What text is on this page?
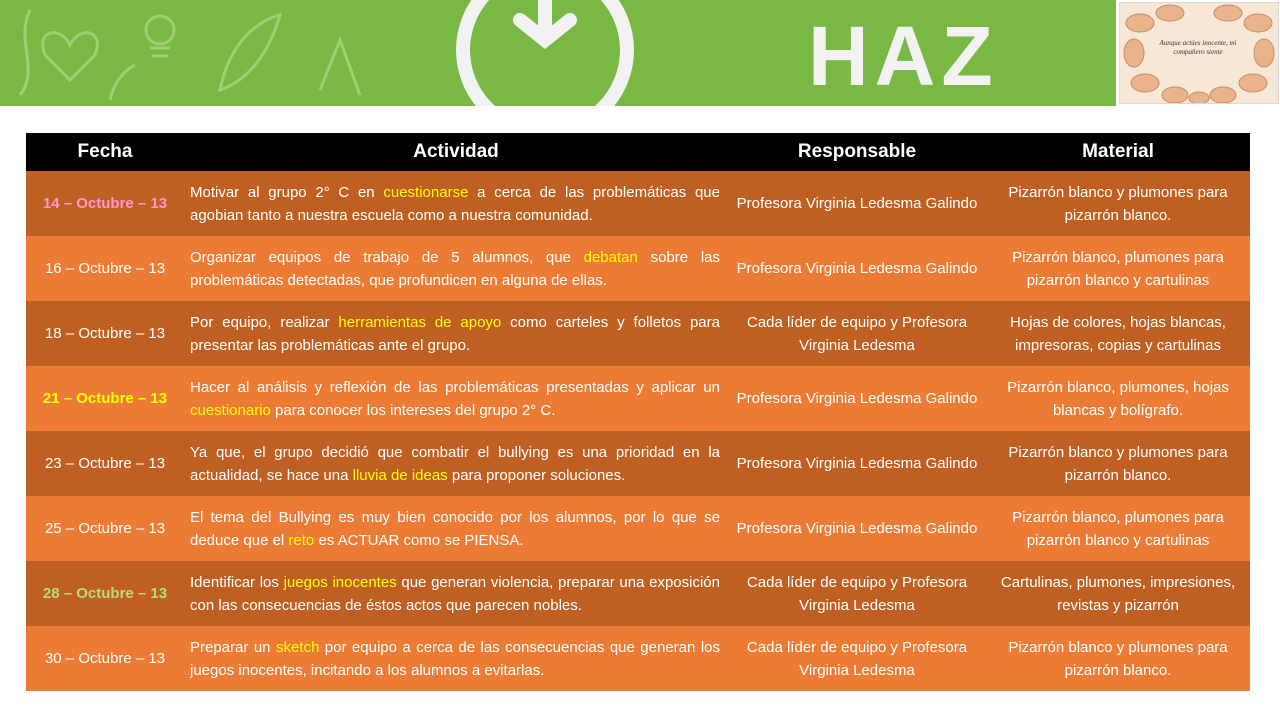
HAZ	Aunque actúes inocente, mi compañero siente
Fecha	Actividad	Responsable	Material
14 – Octubre – 13	Motivar al grupo 2° C en cuestionarse a cerca de las problemáticas que agobian tanto a nuestra escuela como a nuestra comunidad.	Profesora Virginia Ledesma Galindo	Pizarrón blanco y plumones para pizarrón blanco.
16 – Octubre – 13	Organizar equipos de trabajo de 5 alumnos, que debatan sobre las problemáticas detectadas, que profundicen en alguna de ellas.	Profesora Virginia Ledesma Galindo	Pizarrón blanco, plumones para pizarrón blanco y cartulinas
18 – Octubre – 13	Por equipo, realizar herramientas de apoyo como carteles y folletos para presentar las problemáticas ante el grupo.	Cada líder de equipo y Profesora Virginia Ledesma	Hojas de colores, hojas blancas, impresoras, copias y cartulinas
21 – Octubre – 13	Hacer al análisis y reflexión de las problemáticas presentadas y aplicar un cuestionario para conocer los intereses del grupo 2° C.	Profesora Virginia Ledesma Galindo	Pizarrón blanco, plumones, hojas blancas y bolígrafo.
23 – Octubre – 13	Ya que, el grupo decidió que combatir el bullying es una prioridad en la actualidad, se hace una lluvia de ideas para proponer soluciones.	Profesora Virginia Ledesma Galindo	Pizarrón blanco y plumones para pizarrón blanco.
25 – Octubre – 13	El tema del Bullying es muy bien conocido por los alumnos, por lo que se deduce que el reto es ACTUAR como se PIENSA.	Profesora Virginia Ledesma Galindo	Pizarrón blanco, plumones para pizarrón blanco y cartulinas
28 – Octubre – 13	Identificar los juegos inocentes que generan violencia, preparar una exposición con las consecuencias de éstos actos que parecen nobles.	Cada líder de equipo y Profesora Virginia Ledesma	Cartulinas, plumones, impresiones, revistas y pizarrón
30 – Octubre – 13	Preparar un sketch por equipo a cerca de las consecuencias que generan los juegos inocentes, incitando a los alumnos a evitarlas.	Cada líder de equipo y Profesora Virginia Ledesma	Pizarrón blanco y plumones para pizarrón blanco.
